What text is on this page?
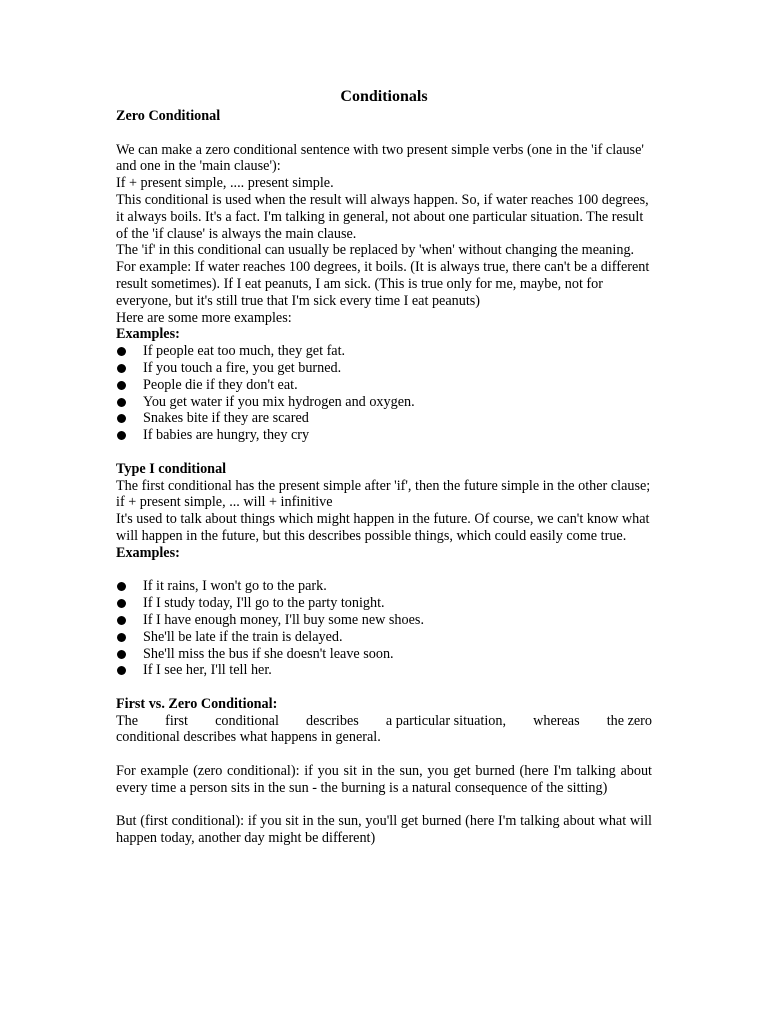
Conditionals
Zero Conditional

We can make a zero conditional sentence with two present simple verbs (one in the 'if clause' and one in the 'main clause'):

If + present simple, .... present simple.

This conditional is used when the result will always happen. So, if water reaches 100 degrees, it always boils. It's a fact. I'm talking in general, not about one particular situation. The result of the 'if clause' is always the main clause.

The 'if' in this conditional can usually be replaced by 'when' without changing the meaning.

For example: If water reaches 100 degrees, it boils. (It is always true, there can't be a different result sometimes). If I eat peanuts, I am sick. (This is true only for me, maybe, not for everyone, but it's still true that I'm sick every time I eat peanuts)

Here are some more examples:

Examples:
If people eat too much, they get fat.
If you touch a fire, you get burned.
People die if they don't eat.
You get water if you mix hydrogen and oxygen.
Snakes bite if they are scared
If babies are hungry, they cry
Type I conditional

The first conditional has the present simple after 'if', then the future simple in the other clause;

if + present simple, ... will + infinitive

It's used to talk about things which might happen in the future. Of course, we can't know what will happen in the future, but this describes possible things, which could easily come true.

Examples:
If it rains, I won't go to the park.
If I study today, I'll go to the party tonight.
If I have enough money, I'll buy some new shoes.
She'll be late if the train is delayed.
She'll miss the bus if she doesn't leave soon.
If I see her, I'll tell her.
First vs. Zero Conditional:
The first conditional describes a particular situation, whereas the zero

conditional describes what happens in general.

For example (zero conditional): if you sit in the sun, you get burned (here I'm talking about every time a person sits in the sun - the burning is a natural consequence of the sitting)

But (first conditional): if you sit in the sun, you'll get burned (here I'm talking about what will happen today, another day might be different)
